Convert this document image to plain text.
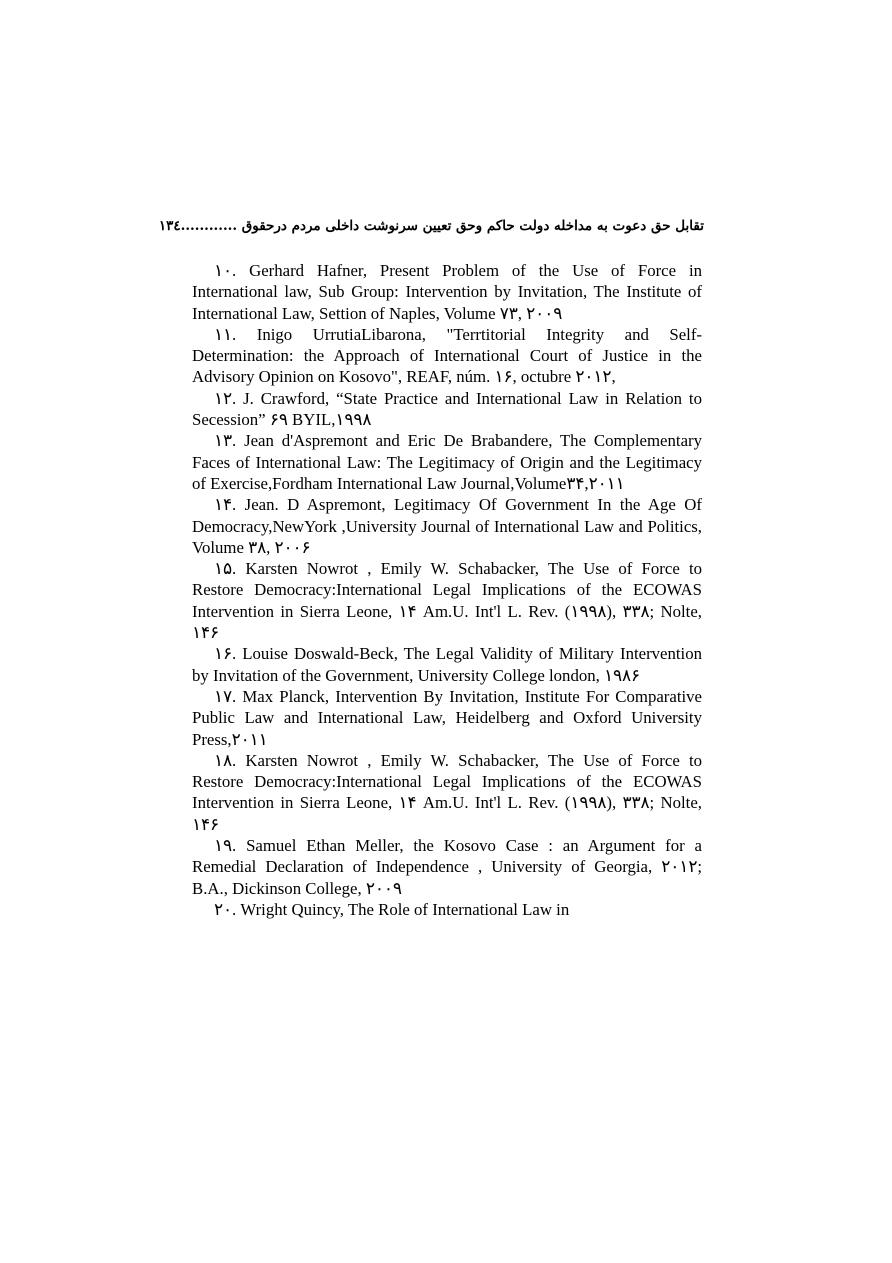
تقابل حق دعوت به مداخله دولت حاکم وحق تعیین سرنوشت داخلی مردم درحقوق ............۱۳٤

۱۰. Gerhard Hafner, Present Problem of the Use of Force in International law, Sub Group: Intervention by Invitation, The Institute of International Law, Settion of Naples, Volume ۷۳, ۲۰۰۹

۱۱. Inigo UrrutiaLibarona, "Terrtitorial Integrity and Self-Determination: the Approach of International Court of Justice in the Advisory Opinion on Kosovo", REAF, núm. ۱۶, octubre ۲۰۱۲,

۱۲. J. Crawford, “State Practice and International Law in Relation to Secession” ۶۹ BYIL,۱۹۹۸

۱۳. Jean d'Aspremont and Eric De Brabandere, The Complementary Faces of International Law: The Legitimacy of Origin and the Legitimacy of Exercise,Fordham International Law Journal,Volume۳۴,۲۰۱۱

۱۴. Jean. D Aspremont, Legitimacy Of Government In the Age Of Democracy,NewYork ,University Journal of International Law and Politics, Volume ۳۸, ۲۰۰۶

۱۵. Karsten Nowrot , Emily W. Schabacker, The Use of Force to Restore Democracy:International Legal Implications of the ECOWAS Intervention in Sierra Leone, ۱۴ Am.U. Int'l L. Rev. (۱۹۹۸), ۳۳۸; Nolte, ۱۴۶

۱۶. Louise Doswald-Beck, The Legal Validity of Military Intervention by Invitation of the Government, University College london, ۱۹۸۶

۱۷. Max Planck, Intervention By Invitation, Institute For Comparative Public Law and International Law, Heidelberg and Oxford University Press,۲۰۱۱

۱۸. Karsten Nowrot , Emily W. Schabacker, The Use of Force to Restore Democracy:International Legal Implications of the ECOWAS Intervention in Sierra Leone, ۱۴ Am.U. Int'l L. Rev. (۱۹۹۸), ۳۳۸; Nolte, ۱۴۶

۱۹. Samuel Ethan Meller, the Kosovo Case : an Argument for a Remedial Declaration of Independence , University of Georgia, ۲۰۱۲; B.A., Dickinson College, ۲۰۰۹

۲۰. Wright Quincy, The Role of International Law in
